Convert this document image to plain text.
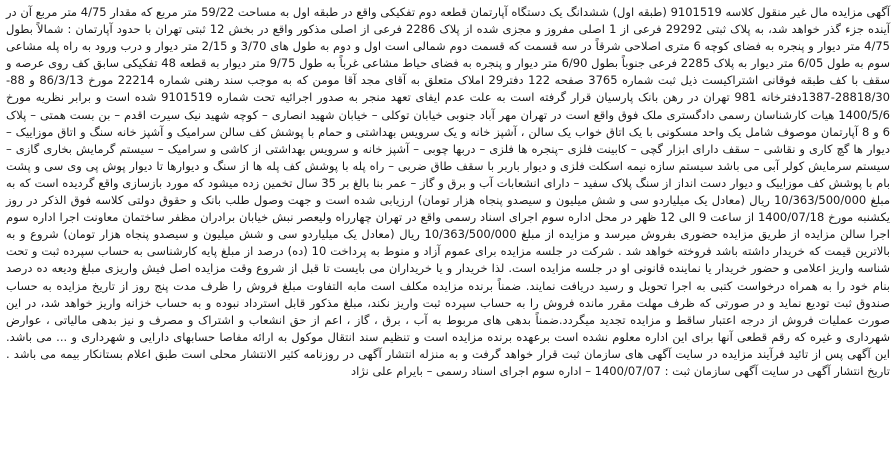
آگهی مزایده مال غیر منقول کلاسه 9101519 (طبقه اول) ششدانگ یک دستگاه آپارتمان قطعه دوم تفکیکی واقع در طبقه اول به مساحت 59/22 متر مربع که مقدار 4/75 متر مربع آن در آینده جزء گذر خواهد شد، به پلاک ثبتی 29292 فرعی از 1 اصلی مفروز و مجزی شده از پلاک 2286 فرعی از اصلی مذکور واقع در بخش 12 ثبتی تهران با حدود آپارتمان : شمالاً بطول 4/75 متر دیوار و پنجره به فضای کوچه 6 متری اصلاحی شرقاً در سه قسمت که قسمت دوم شمالی است اول و دوم به طول های 3/70 و 2/15 متر دیوار و درب ورود به راه پله مشاعی سوم به طول 6/05 متر دیوار به پلاک 2285 فرعی جنوباً بطول 6/90 متر دیوار و پنجره به فضای حیاط مشاعی غرباً به طول 9/75 متر دیوار به قطعه 48 تفکیکی سابق کف روی عرصه و سقف با کف طبقه فوقانی اشتراکیست ذیل ثبت شماره 3765 صفحه 122 دفتر29 املاک متعلق به آقای مجد آقا مومن که به موجب سند رهنی شماره 22214 مورخ 86/3/13 و 88-28818/30-1387دفترخانه 981 تهران در رهن بانک پارسیان قرار گرفته است به علت عدم ایفای تعهد منجر به صدور اجرائیه تحت شماره 9101519 شده است و برابر نظریه مورخ 1400/5/6 هیات کارشناسان رسمی دادگستری ملک فوق واقع است در تهران مهر آباد جنوبی خیابان توکلی – خیابان شهید انصاری – کوچه شهید نیک سیرت اقدم – بن بست همتی – پلاک 6 و 8 آپارتمان موصوف شامل یک واحد مسکونی با یک اتاق خواب یک سالن ، آشپز خانه و یک سرویس بهداشتی و حمام با پوشش کف سالن سرامیک و آشپز خانه سنگ و اتاق موزاییک – دیوار ها گچ کاری و نقاشی – سقف دارای ابزار گچی – کابینت فلزی –پنجره ها فلزی – دربها چوبی – آشپز خانه و سرویس بهداشتی از کاشی و سرامیک – سیستم گرمایش بخاری گازی – سیستم سرمایش کولر آبی می باشد سیستم سازه نیمه اسکلت فلزی و دیوار باربر با سقف طاق ضربی – راه پله با پوشش کف پله ها از سنگ و دیوارها تا دیوار پوش پی وی سی و پشت بام با پوشش کف موزاییک و دیوار دست انداز از سنگ پلاک سفید – دارای انشعابات آب و برق و گاز – عمر بنا بالغ بر 35 سال تخمین زده میشود که مورد بازسازی واقع گردیده است که به مبلغ 10/363/500/000 ریال (معادل یک میلیاردو سی و شش میلیون و سیصدو پنجاه هزار تومان) ارزیابی شده است و جهت وصول طلب بانک و حقوق دولتی کلاسه فوق الذکر در روز یکشنبه مورخ 1400/07/18 از ساعت 9 الی 12 ظهر در محل اداره سوم اجرای اسناد رسمی واقع در تهران چهارراه ولیعصر نبش خیابان برادران مظفر ساختمان معاونت اجرا اداره سوم اجرا سالن مزایده از طریق مزایده حضوری بفروش میرسد و مزایده از مبلغ 10/363/500/000 ریال (معادل یک میلیاردو سی و شش میلیون و سیصدو پنجاه هزار تومان) شروع و به بالاترین قیمت که خریدار داشته باشد فروخته خواهد شد . شرکت در جلسه مزایده برای عموم آزاد و منوط به پرداخت 10 (ده) درصد از مبلغ پایه کارشناسی به حساب سپرده ثبت و تحت شناسه واریز اعلامی و حضور خریدار یا نماینده قانونی او در جلسه مزایده است. لذا خریدار و یا خریداران می بایست تا قبل از شروع وقت مزایده اصل فیش واریزی مبلغ ودیعه ده درصد بنام خود را به همراه درخواست کتبی به اجرا تحویل و رسید دریافت نمایند. ضمناً برنده مزایده مکلف است مابه التفاوت مبلغ فروش را ظرف مدت پنج روز از تاریخ مزایده به حساب صندوق ثبت تودیع نماید و در صورتی که ظرف مهلت مقرر مانده فروش را به حساب سپرده ثبت واریز نکند، مبلغ مذکور قابل استرداد نبوده و به حساب خزانه واریز خواهد شد، در این صورت عملیات فروش از درجه اعتبار ساقط و مزایده تجدید میگردد.ضمناً بدهی های مربوط به آب ، برق ، گاز ، اعم از حق انشعاب و اشتراک و مصرف و نیز بدهی مالیاتی ، عوارض شهرداری و غیره که رقم قطعی آنها برای این اداره معلوم نشده است برعهده برنده مزایده است و تنظیم سند انتقال موکول به ارائه مفاصا حسابهای دارایی و شهرداری و ... می باشد. این آگهی پس از تائید فرآیند مزایده در سایت آگهی های سازمان ثبت قرار خواهد گرفت و به منزله انتشار آگهی در روزنامه کثیر الانتشار محلی است طبق اعلام بستانکار بیمه می باشد . تاریخ انتشار آگهی در سایت آگهی سازمان ثبت : 1400/07/07 – اداره سوم اجرای اسناد رسمی – بایرام علی نژاد
